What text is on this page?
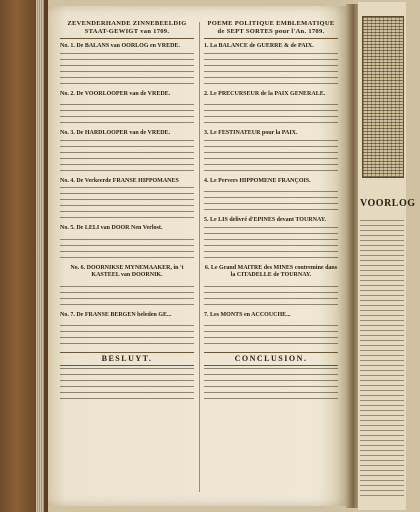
VOORLOG
ZEVENDERHANDE ZINNEBEELDIG STAAT-GEWIGT van 1709.
No. 1. De BALANS van OORLOG en VREDE.
No. 2. De VOORLOOPER van de VREDE.
No. 3. De HARDLOOPER van de VREDE.
No. 4. De Verkeerde FRANSE HIPPOMANES
No. 5. De LELI van DOOR Nen Verlost.
No. 6. DOORNIKSE MYNEMAAKER, in 't KASTEEL van DOORNIK.
No. 7. De FRANSE BERGEN beleden GE...
BESLUYT.
POEME POLITIQUE EMBLEMATIQUE de SEPT SORTES pour l'An. 1709.
1. La BALANCE de GUERRE & de PAIX.
2. Le PRECURSEUR de la PAIX GENERALE.
3. Le FESTINATEUR pour la PAIX.
4. Le Pervers HIPPOMENE FRANÇOIS.
5. Le LIS delivré d'EPINES devant TOURNAY.
6. Le Grand MAITRE des MINES contremine dans la CITADELLE de TOURNAY.
7. Les MONTS en ACCOUCHE...
CONCLUSION.
